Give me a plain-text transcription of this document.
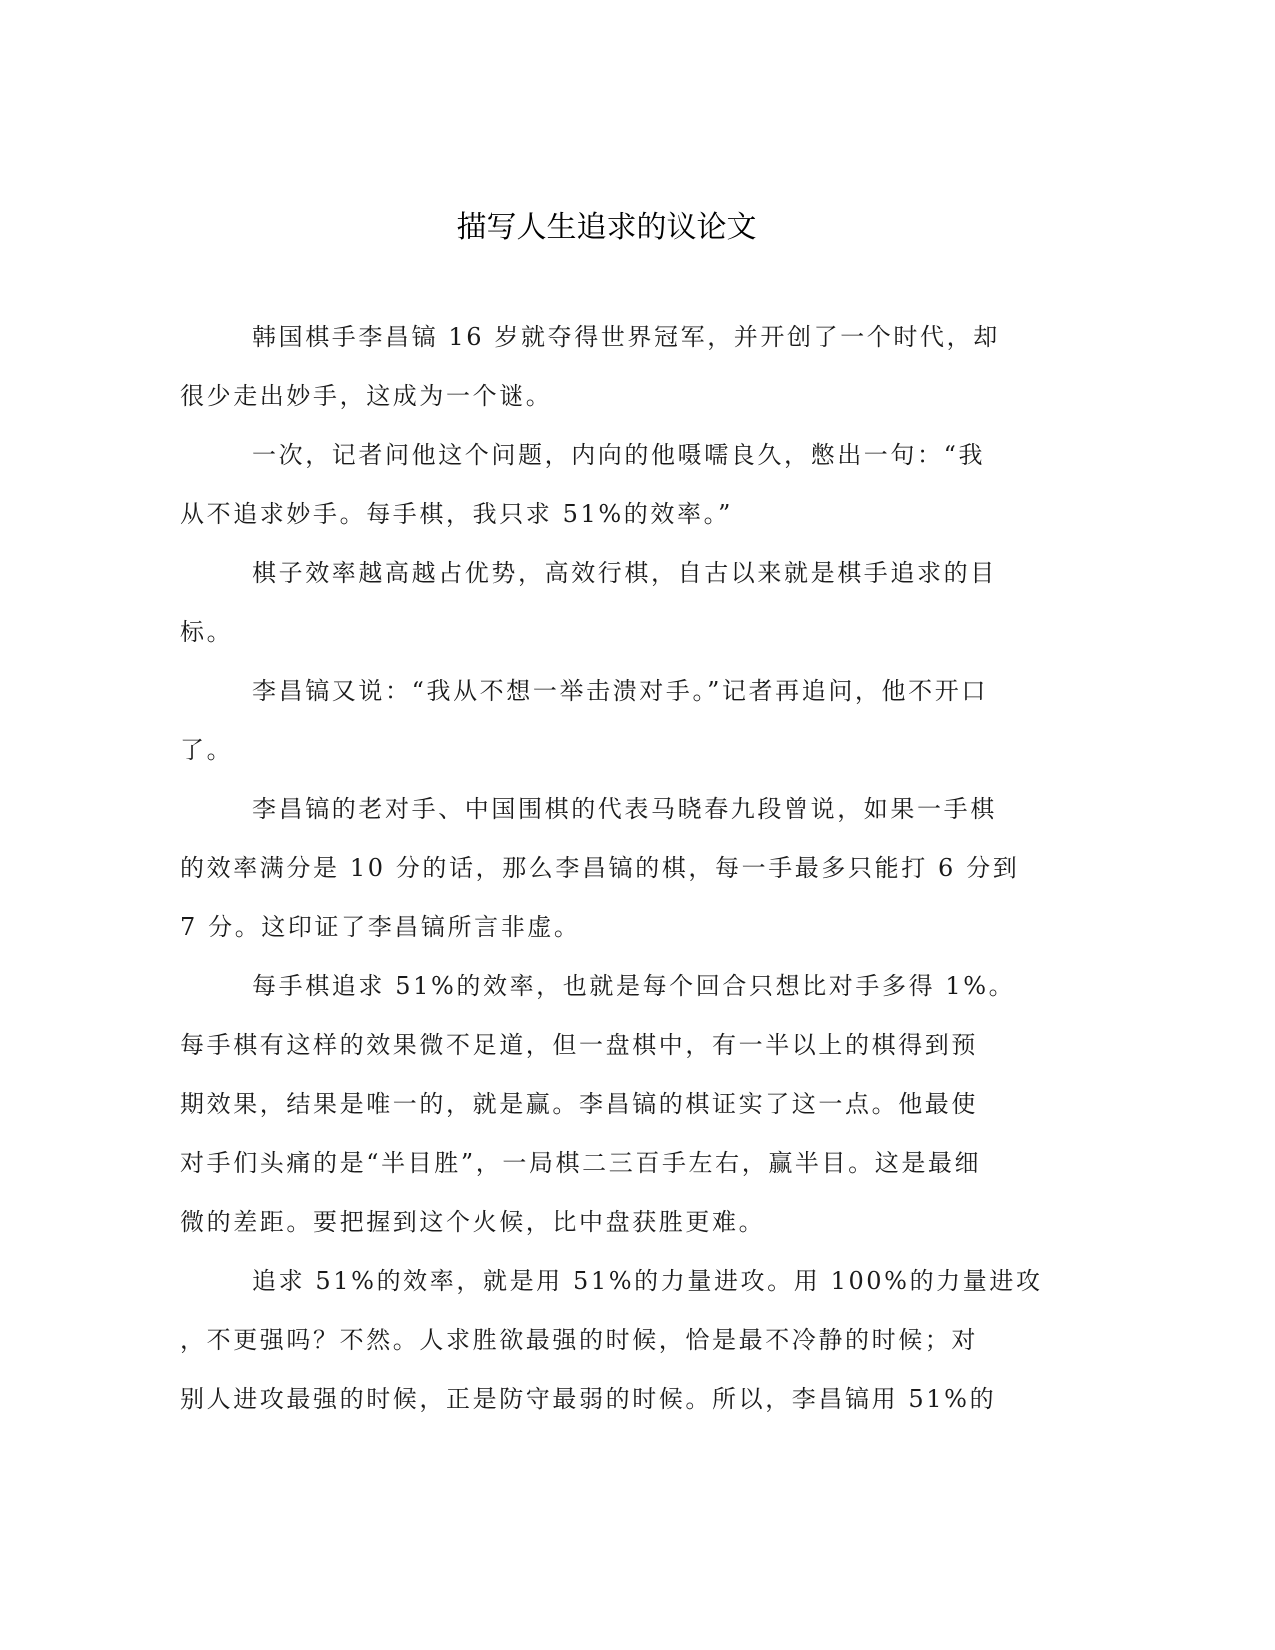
描写人生追求的议论文

韩国棋手李昌镐 16 岁就夺得世界冠军，并开创了一个时代，却
很少走出妙手，这成为一个谜。

一次，记者问他这个问题，内向的他嗫嚅良久，憋出一句：“我
从不追求妙手。每手棋，我只求 51%的效率。”

棋子效率越高越占优势，高效行棋，自古以来就是棋手追求的目
标。

李昌镐又说：“我从不想一举击溃对手。”记者再追问，他不开口
了。

李昌镐的老对手、中国围棋的代表马晓春九段曾说，如果一手棋
的效率满分是 10 分的话，那么李昌镐的棋，每一手最多只能打 6 分到
7 分。这印证了李昌镐所言非虚。

每手棋追求 51%的效率，也就是每个回合只想比对手多得 1%。
每手棋有这样的效果微不足道，但一盘棋中，有一半以上的棋得到预
期效果，结果是唯一的，就是赢。李昌镐的棋证实了这一点。他最使
对手们头痛的是“半目胜”，一局棋二三百手左右，赢半目。这是最细
微的差距。要把握到这个火候，比中盘获胜更难。

追求 51%的效率，就是用 51%的力量进攻。用 100%的力量进攻
，不更强吗？不然。人求胜欲最强的时候，恰是最不冷静的时候；对
别人进攻最强的时候，正是防守最弱的时候。所以，李昌镐用 51%的
